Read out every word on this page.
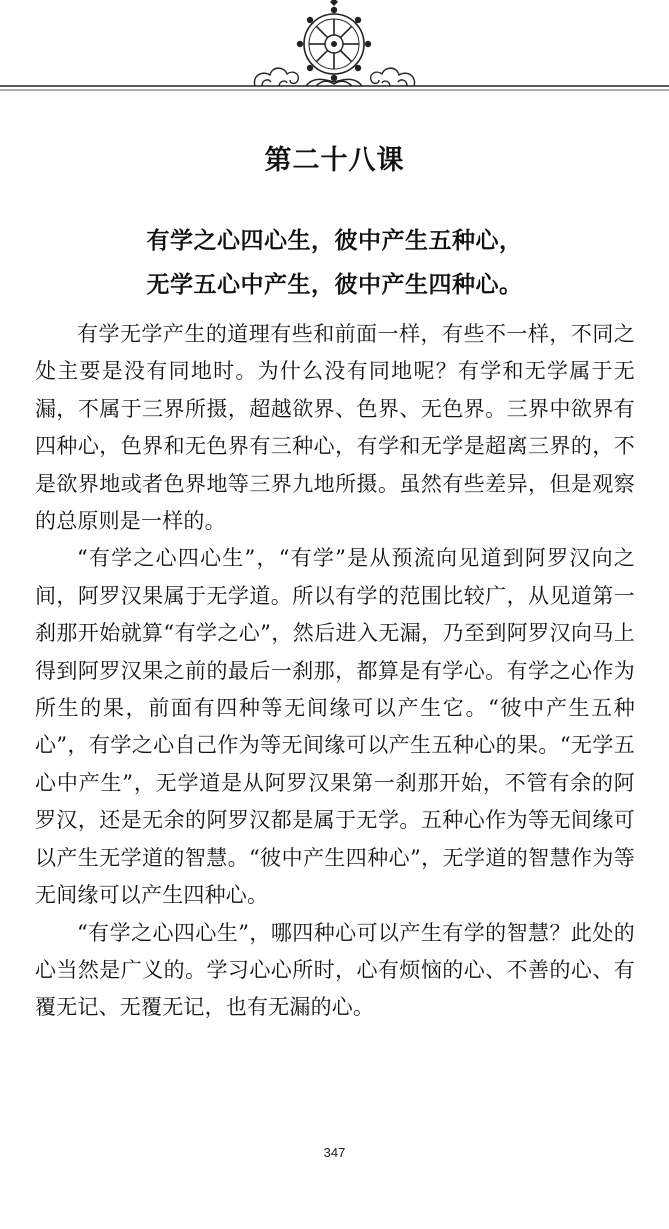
第二十八课
有学之心四心生，彼中产生五种心，
无学五心中产生，彼中产生四种心。

有学无学产生的道理有些和前面一样，有些不一样，不同之处主要是没有同地时。为什么没有同地呢？有学和无学属于无漏，不属于三界所摄，超越欲界、色界、无色界。三界中欲界有四种心，色界和无色界有三种心，有学和无学是超离三界的，不是欲界地或者色界地等三界九地所摄。虽然有些差异，但是观察的总原则是一样的。

“有学之心四心生”，“有学”是从预流向见道到阿罗汉向之间，阿罗汉果属于无学道。所以有学的范围比较广，从见道第一刹那开始就算“有学之心”，然后进入无漏，乃至到阿罗汉向马上得到阿罗汉果之前的最后一刹那，都算是有学心。有学之心作为所生的果，前面有四种等无间缘可以产生它。“彼中产生五种心”，有学之心自己作为等无间缘可以产生五种心的果。“无学五心中产生”，无学道是从阿罗汉果第一刹那开始，不管有余的阿罗汉，还是无余的阿罗汉都是属于无学。五种心作为等无间缘可以产生无学道的智慧。“彼中产生四种心”，无学道的智慧作为等无间缘可以产生四种心。

“有学之心四心生”，哪四种心可以产生有学的智慧？此处的心当然是广义的。学习心心所时，心有烦恼的心、不善的心、有覆无记、无覆无记，也有无漏的心。

347
